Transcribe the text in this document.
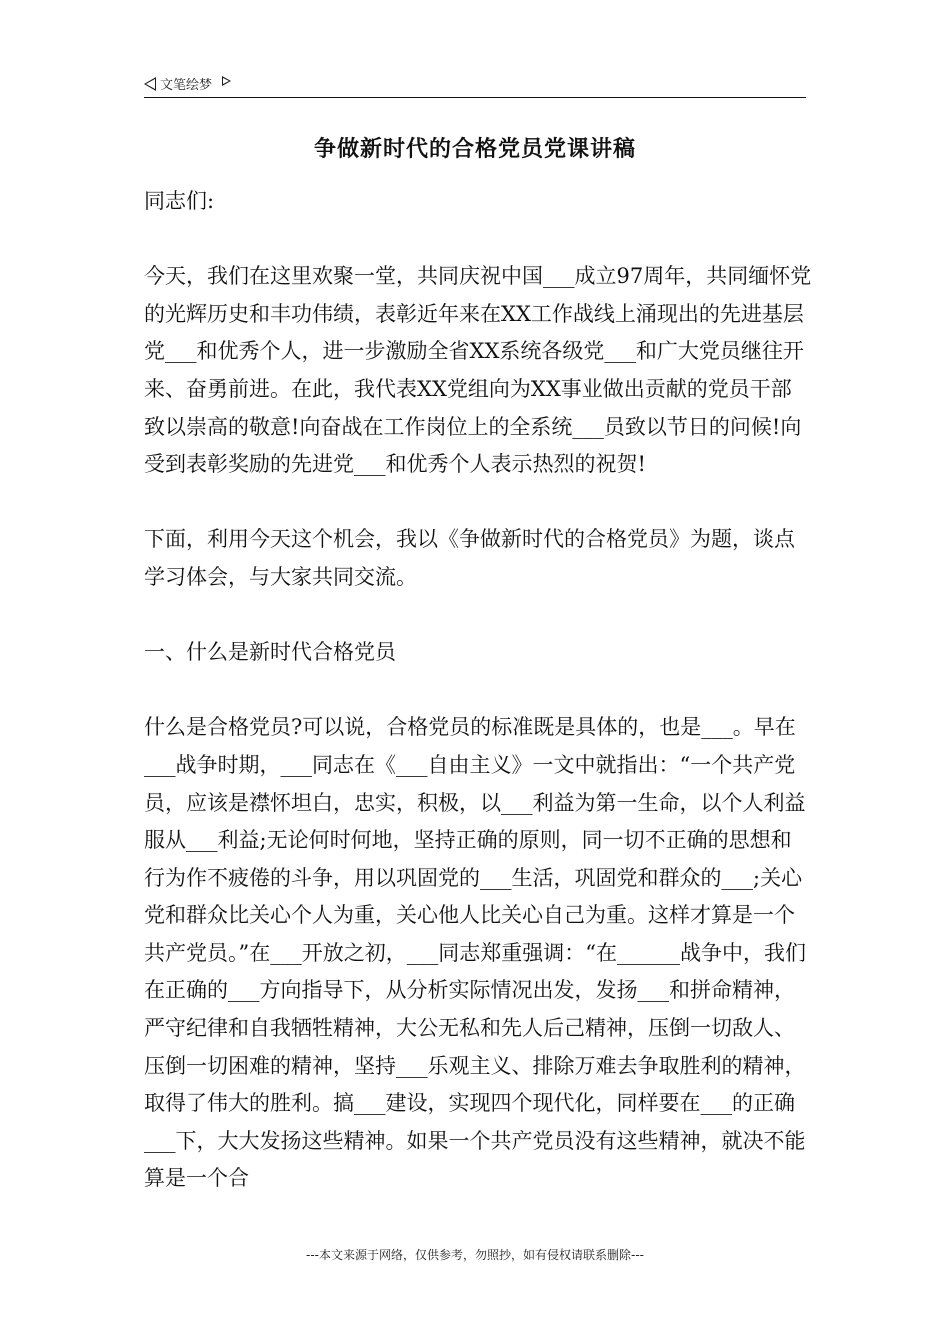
文笔绘梦
争做新时代的合格党员党课讲稿

同志们:

今天，我们在这里欢聚一堂，共同庆祝中国___成立97周年，共同缅怀党的光辉历史和丰功伟绩，表彰近年来在XX工作战线上涌现出的先进基层党___和优秀个人，进一步激励全省XX系统各级党___和广大党员继往开来、奋勇前进。在此，我代表XX党组向为XX事业做出贡献的党员干部致以崇高的敬意!向奋战在工作岗位上的全系统___员致以节日的问候!向受到表彰奖励的先进党___和优秀个人表示热烈的祝贺!

下面，利用今天这个机会，我以《争做新时代的合格党员》为题，谈点学习体会，与大家共同交流。

一、什么是新时代合格党员

什么是合格党员?可以说，合格党员的标准既是具体的，也是___。早在___战争时期，___同志在《___自由主义》一文中就指出：“一个共产党员，应该是襟怀坦白，忠实，积极，以___利益为第一生命，以个人利益服从___利益;无论何时何地，坚持正确的原则，同一切不正确的思想和行为作不疲倦的斗争，用以巩固党的___生活，巩固党和群众的___;关心党和群众比关心个人为重，关心他人比关心自己为重。这样才算是一个共产党员。”在___开放之初，___同志郑重强调：“在______战争中，我们在正确的___方向指导下，从分析实际情况出发，发扬___和拼命精神，严守纪律和自我牺牲精神，大公无私和先人后己精神，压倒一切敌人、压倒一切困难的精神，坚持___乐观主义、排除万难去争取胜利的精神，取得了伟大的胜利。搞___建设，实现四个现代化，同样要在___的正确___下，大大发扬这些精神。如果一个共产党员没有这些精神，就决不能算是一个合

---本文来源于网络，仅供参考，勿照抄，如有侵权请联系删除---
